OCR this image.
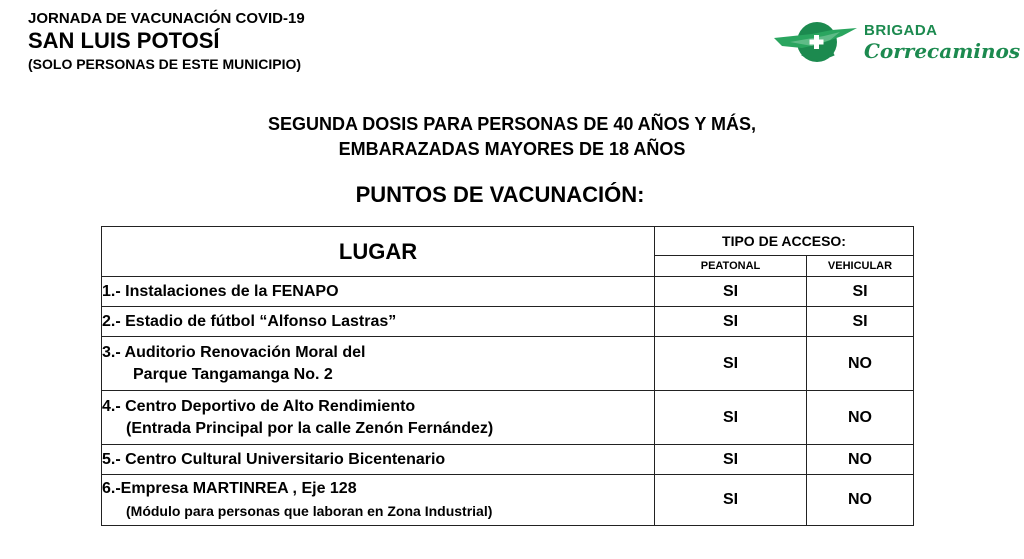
JORNADA DE VACUNACIÓN COVID-19
SAN LUIS POTOSÍ
(SOLO PERSONAS DE ESTE MUNICIPIO)
BRIGADA
Correcaminos
SEGUNDA DOSIS PARA PERSONAS DE 40 AÑOS Y MÁS,
EMBARAZADAS MAYORES DE 18 AÑOS
PUNTOS DE VACUNACIÓN:
LUGAR	TIPO DE ACCESO:	
	PEATONAL	VEHICULAR
1.- Instalaciones de la FENAPO	SI	SI
2.- Estadio de fútbol “Alfonso Lastras”	SI	SI
3.- Auditorio Renovación Moral del
Parque Tangamanga No. 2	SI	NO
4.- Centro Deportivo de Alto Rendimiento
(Entrada Principal por la calle Zenón Fernández)	SI	NO
5.- Centro Cultural Universitario Bicentenario	SI	NO
6.-Empresa MARTINREA , Eje 128
(Módulo para personas que laboran en Zona Industrial)	SI	NO
